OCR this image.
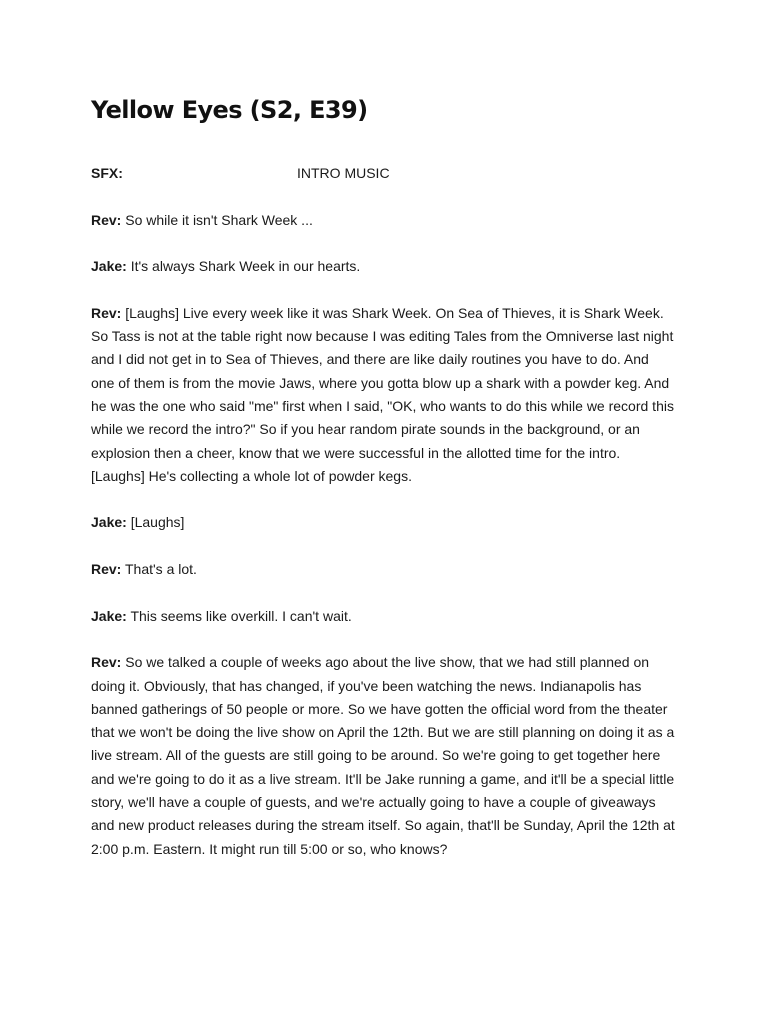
Yellow Eyes (S2, E39)
SFX:	INTRO MUSIC

Rev: So while it isn't Shark Week ...

Jake: It's always Shark Week in our hearts.

Rev: [Laughs] Live every week like it was Shark Week. On Sea of Thieves, it is Shark Week. So Tass is not at the table right now because I was editing Tales from the Omniverse last night and I did not get in to Sea of Thieves, and there are like daily routines you have to do. And one of them is from the movie Jaws, where you gotta blow up a shark with a powder keg. And he was the one who said "me" first when I said, "OK, who wants to do this while we record this while we record the intro?" So if you hear random pirate sounds in the background, or an explosion then a cheer, know that we were successful in the allotted time for the intro. [Laughs] He's collecting a whole lot of powder kegs.

Jake: [Laughs]

Rev: That's a lot.

Jake: This seems like overkill. I can't wait.

Rev: So we talked a couple of weeks ago about the live show, that we had still planned on doing it. Obviously, that has changed, if you've been watching the news. Indianapolis has banned gatherings of 50 people or more. So we have gotten the official word from the theater that we won't be doing the live show on April the 12th. But we are still planning on doing it as a live stream. All of the guests are still going to be around. So we're going to get together here and we're going to do it as a live stream. It'll be Jake running a game, and it'll be a special little story, we'll have a couple of guests, and we're actually going to have a couple of giveaways and new product releases during the stream itself. So again, that'll be Sunday, April the 12th at 2:00 p.m. Eastern. It might run till 5:00 or so, who knows?
